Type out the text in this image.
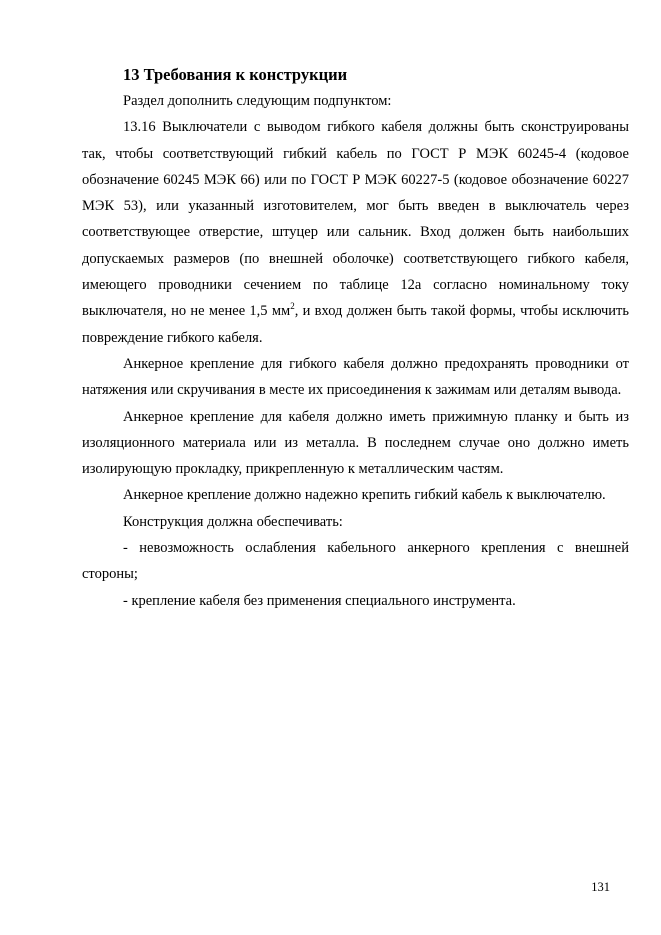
13 Требования к конструкции

Раздел дополнить следующим подпунктом:

13.16 Выключатели с выводом гибкого кабеля должны быть сконструированы так, чтобы соответствующий гибкий кабель по ГОСТ Р МЭК 60245-4 (кодовое обозначение 60245 МЭК 66) или по ГОСТ Р МЭК 60227-5 (кодовое обозначение 60227 МЭК 53), или указанный изготовителем, мог быть введен в выключатель через соответствующее отверстие, штуцер или сальник. Вход должен быть наибольших допускаемых размеров (по внешней оболочке) соответствующего гибкого кабеля, имеющего проводники сечением по таблице 12а согласно номинальному току выключателя, но не менее 1,5 $мм^2$, и вход должен быть такой формы, чтобы исключить повреждение гибкого кабеля.

Анкерное крепление для гибкого кабеля должно предохранять проводники от натяжения или скручивания в месте их присоединения к зажимам или деталям вывода.

Анкерное крепление для кабеля должно иметь прижимную планку и быть из изоляционного материала или из металла. В последнем случае оно должно иметь изолирующую прокладку, прикрепленную к металлическим частям.

Анкерное крепление должно надежно крепить гибкий кабель к выключателю.

Конструкция должна обеспечивать:

- невозможность ослабления кабельного анкерного крепления с внешней стороны;

- крепление кабеля без применения специального инструмента.

131
